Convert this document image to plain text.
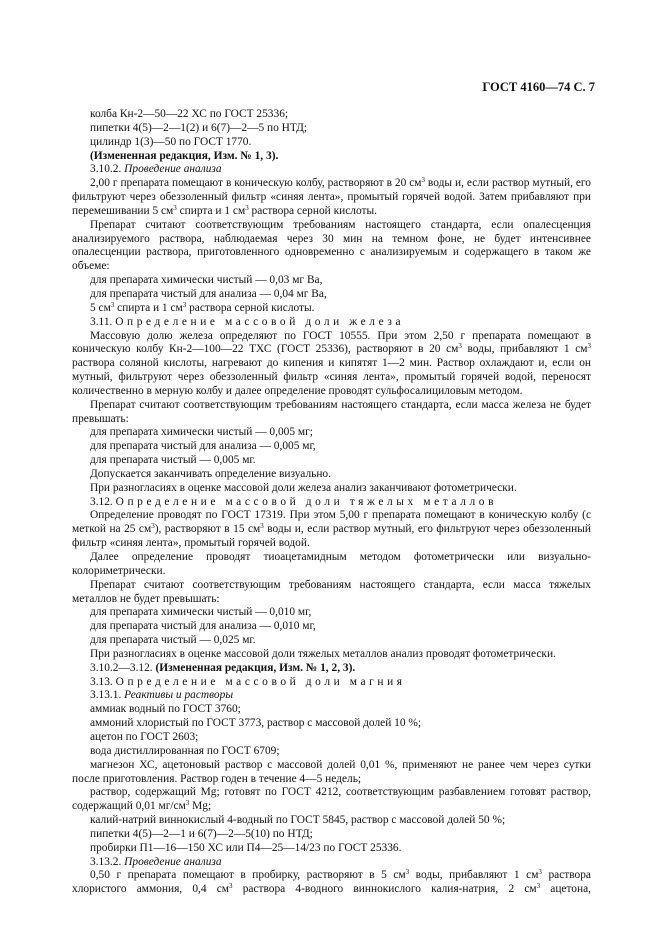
ГОСТ 4160—74 С. 7

колба Кн-2—50—22 ХС по ГОСТ 25336;

пипетки 4(5)—2—1(2) и 6(7)—2—5 по НТД;

цилиндр 1(3)—50 по ГОСТ 1770.

(Измененная редакция, Изм. № 1, 3).

3.10.2. Проведение анализа

2,00 г препарата помещают в коническую колбу, растворяют в 20 $см^3$ воды и, если раствор мутный, его фильтруют через обеззоленный фильтр «синяя лента», промытый горячей водой. Затем прибавляют при перемешивании 5 $см^3$ спирта и 1 $см^3$ раствора серной кислоты.

Препарат считают соответствующим требованиям настоящего стандарта, если опалесценция анализируемого раствора, наблюдаемая через 30 мин на темном фоне, не будет интенсивнее опалесценции раствора, приготовленного одновременно с анализируемым и содержащего в таком же объеме:

для препарата химически чистый — 0,03 мг Ва,

для препарата чистый для анализа — 0,04 мг Ва,

5 $см^3$ спирта и 1 $см^3$ раствора серной кислоты.

3.11. Определение массовой доли железа

Массовую долю железа определяют по ГОСТ 10555. При этом 2,50 г препарата помещают в коническую колбу Кн-2—100—22 ТХС (ГОСТ 25336), растворяют в 20 $см^3$ воды, прибавляют 1 $см^3$ раствора соляной кислоты, нагревают до кипения и кипятят 1—2 мин. Раствор охлаждают и, если он мутный, фильтруют через обеззоленный фильтр «синяя лента», промытый горячей водой, переносят количественно в мерную колбу и далее определение проводят сульфосалициловым методом.

Препарат считают соответствующим требованиям настоящего стандарта, если масса железа не будет превышать:

для препарата химически чистый — 0,005 мг;

для препарата чистый для анализа — 0,005 мг,

для препарата чистый — 0,005 мг.

Допускается заканчивать определение визуально.

При разногласиях в оценке массовой доли железа анализ заканчивают фотометрически.

3.12. Определение массовой доли тяжелых металлов

Определение проводят по ГОСТ 17319. При этом 5,00 г препарата помещают в коническую колбу (с меткой на 25 $см^3$), растворяют в 15 $см^3$ воды и, если раствор мутный, его фильтруют через обеззоленный фильтр «синяя лента», промытый горячей водой.

Далее определение проводят тиоацетамидным методом фотометрически или визуально-колориметрически.

Препарат считают соответствующим требованиям настоящего стандарта, если масса тяжелых металлов не будет превышать:

для препарата химически чистый — 0,010 мг,

для препарата чистый для анализа — 0,010 мг,

для препарата чистый — 0,025 мг.

При разногласиях в оценке массовой доли тяжелых металлов анализ проводят фотометрически.

3.10.2—3.12. (Измененная редакция, Изм. № 1, 2, 3).

3.13. Определение массовой доли магния

3.13.1. Реактивы и растворы

аммиак водный по ГОСТ 3760;

аммоний хлористый по ГОСТ 3773, раствор с массовой долей 10 %;

ацетон по ГОСТ 2603;

вода дистиллированная по ГОСТ 6709;

магнезон ХС, ацетоновый раствор с массовой долей 0,01 %, применяют не ранее чем через сутки после приготовления. Раствор годен в течение 4—5 недель;

раствор, содержащий Mg; готовят по ГОСТ 4212, соответствующим разбавлением готовят раствор, содержащий 0,01 $мг/см^3$ Mg;

калий-натрий виннокислый 4-водный по ГОСТ 5845, раствор с массовой долей 50 %;

пипетки 4(5)—2—1 и 6(7)—2—5(10) по НТД;

пробирки П1—16—150 ХС или П4—25—14/23 по ГОСТ 25336.

3.13.2. Проведение анализа

0,50 г препарата помещают в пробирку, растворяют в 5 $см^3$ воды, прибавляют 1 $см^3$ раствора хлористого аммония, 0,4 $см^3$ раствора 4-водного виннокислого калия-натрия, 2 $см^3$ ацетона,
